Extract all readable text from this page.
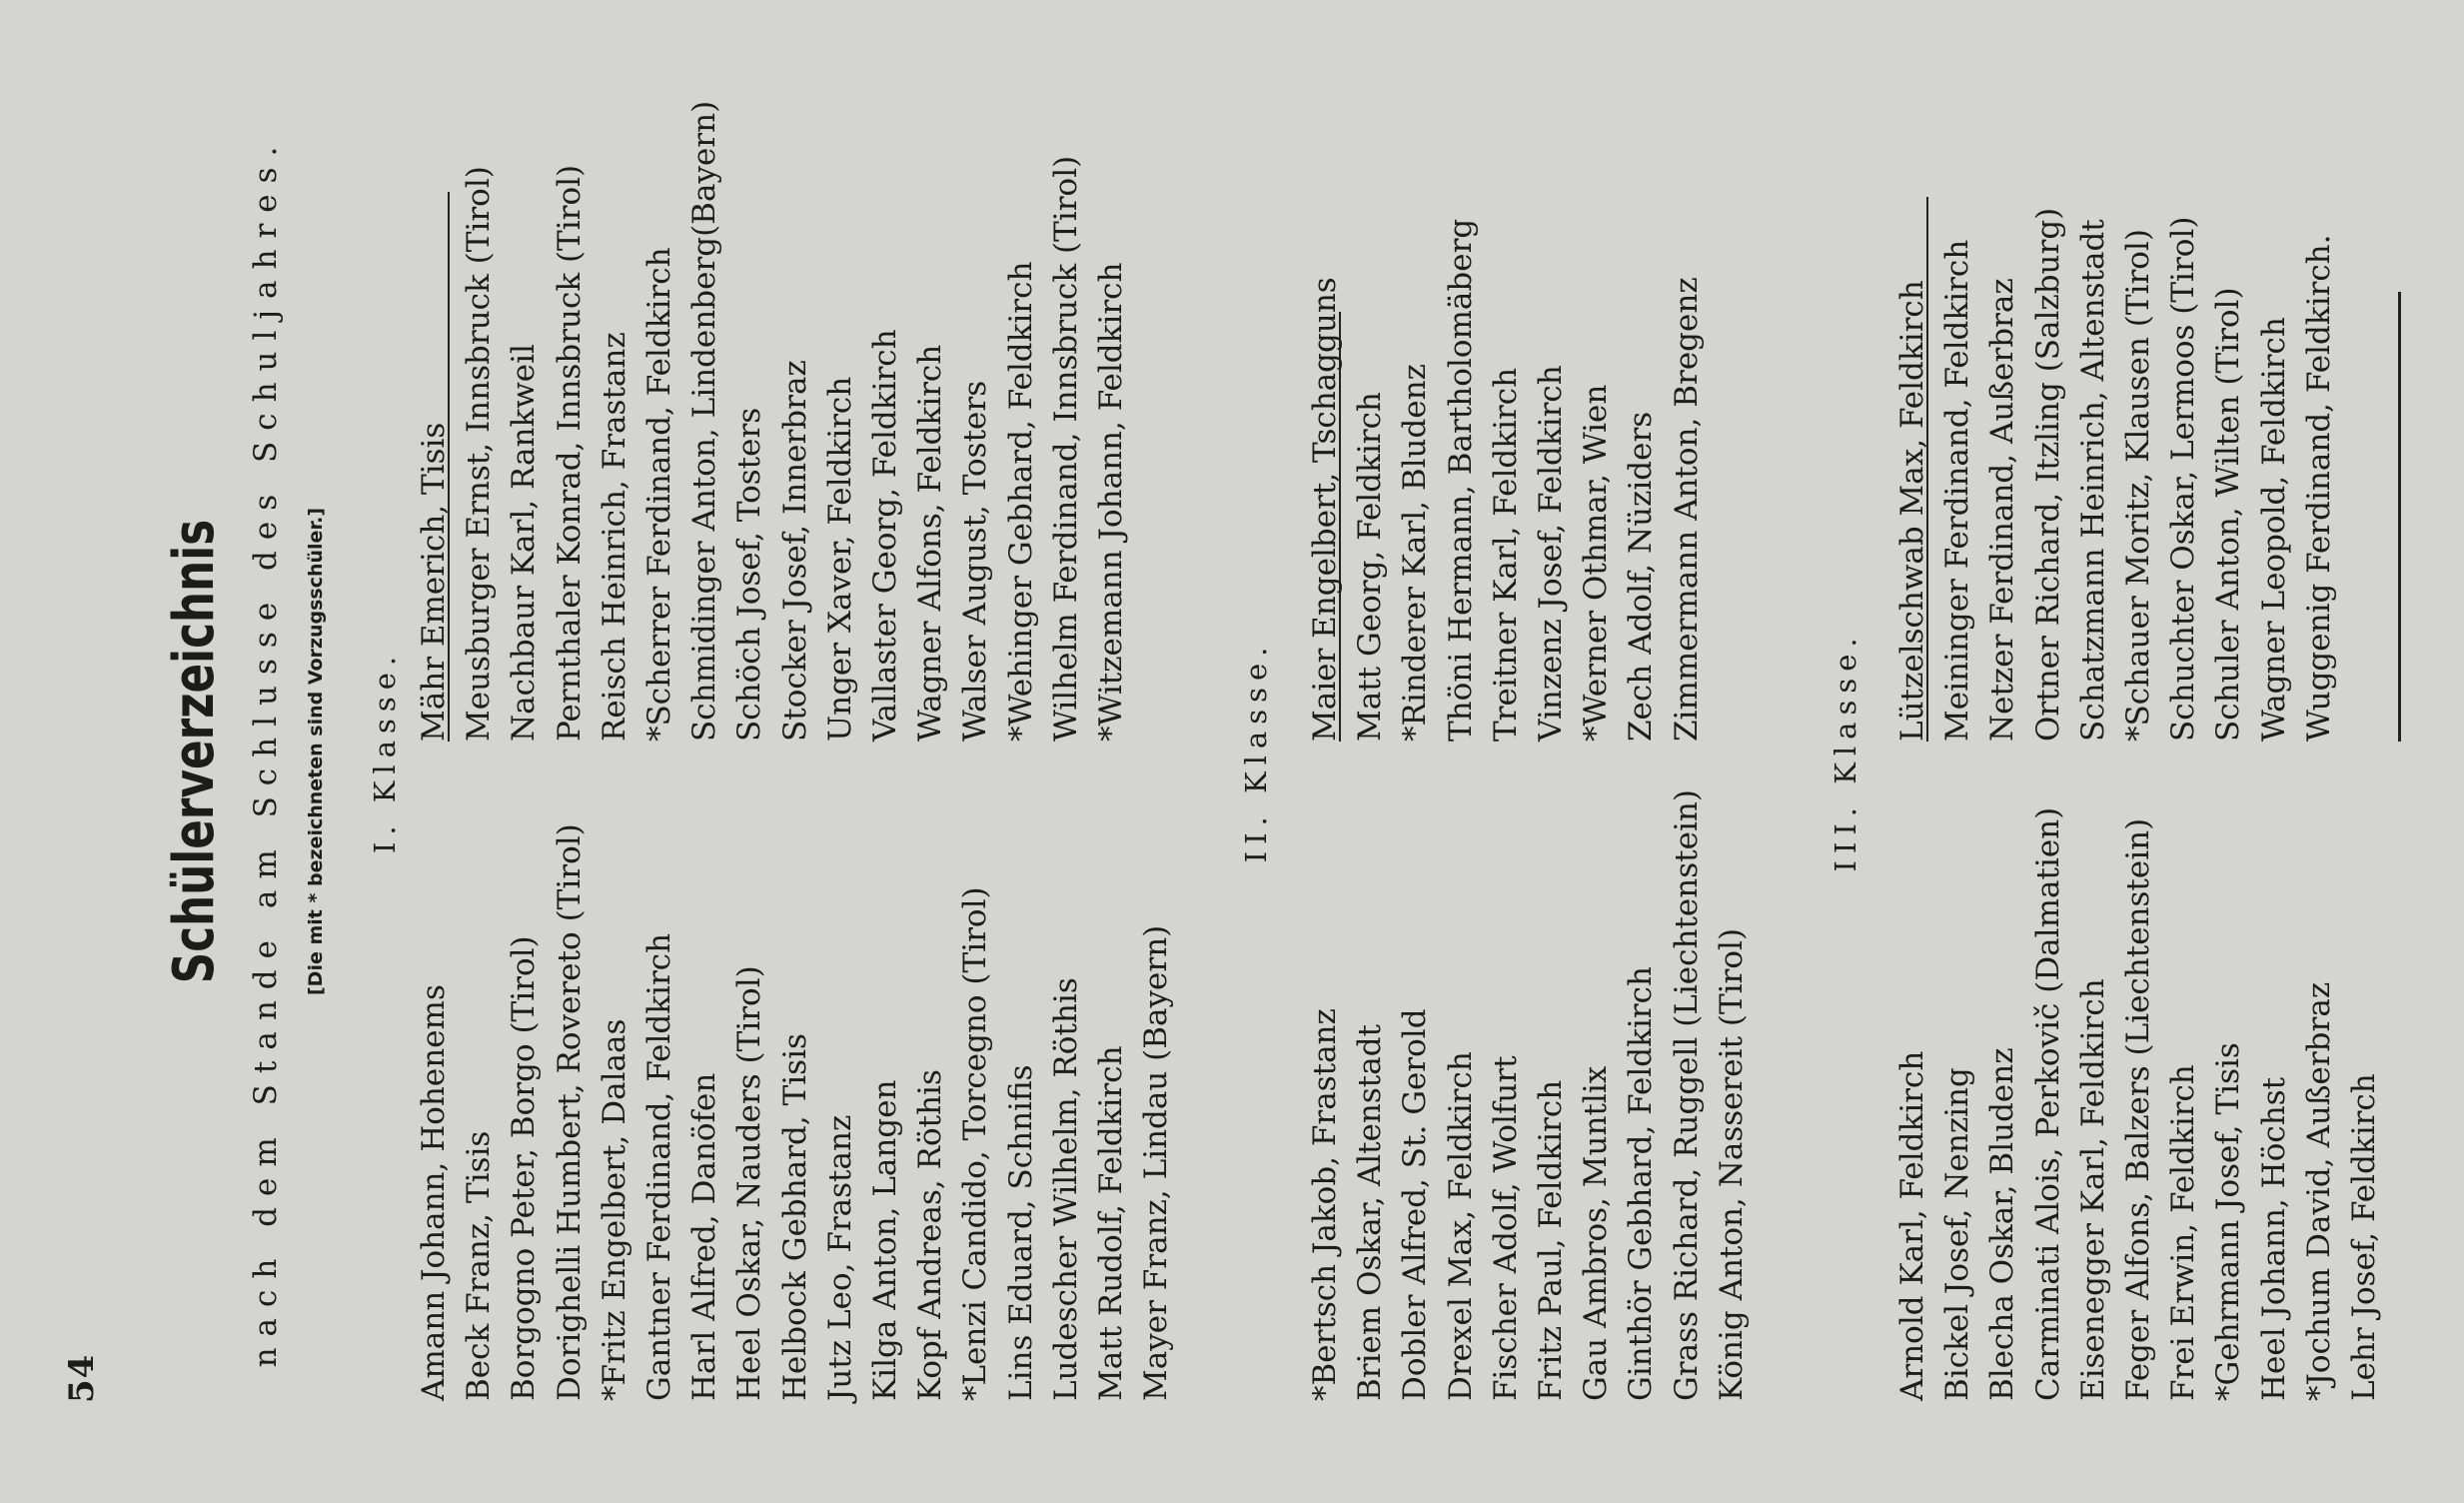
54
Schülerverzeichnis nach dem Stande am Schlusse des Schuljahres. [Die mit * bezeichneten sind Vorzugsschüler.] I. Klasse.
Amann Johann, Hohenems Beck Franz, Tisis Borgogno Peter, Borgo (Tirol) Dorighelli Humbert, Rovereto (Tirol) *Fritz Engelbert, Dalaas Gantner Ferdinand, Feldkirch Harl Alfred, Danöfen Heel Oskar, Nauders (Tirol) Helbock Gebhard, Tisis Jutz Leo, Frastanz Kilga Anton, Langen Kopf Andreas, Röthis *Lenzi Candido, Torcegno (Tirol) Lins Eduard, Schnifis Ludescher Wilhelm, Röthis Matt Rudolf, Feldkirch Mayer Franz, Lindau (Bayern)
Mähr Emerich, Tisis Meusburger Ernst, Innsbruck (Tirol) Nachbaur Karl, Rankweil Pernthaler Konrad, Innsbruck (Tirol) Reisch Heinrich, Frastanz *Scherrer Ferdinand, Feldkirch Schmidinger Anton, Lindenberg(Bayern) Schöch Josef, Tosters Stocker Josef, Innerbraz Unger Xaver, Feldkirch Vallaster Georg, Feldkirch Wagner Alfons, Feldkirch Walser August, Tosters *Wehinger Gebhard, Feldkirch Wilhelm Ferdinand, Innsbruck (Tirol) *Witzemann Johann, Feldkirch
II. Klasse.
*Bertsch Jakob, Frastanz Briem Oskar, Altenstadt Dobler Alfred, St. Gerold Drexel Max, Feldkirch Fischer Adolf, Wolfurt Fritz Paul, Feldkirch Gau Ambros, Muntlix Ginthör Gebhard, Feldkirch Grass Richard, Ruggell (Liechtenstein) König Anton, Nassereit (Tirol)
Maier Engelbert, Tschagguns Matt Georg, Feldkirch *Rinderer Karl, Bludenz Thöni Hermann, Bartholomäberg Treitner Karl, Feldkirch Vinzenz Josef, Feldkirch *Werner Othmar, Wien Zech Adolf, Nüziders Zimmermann Anton, Bregenz
III. Klasse.
Arnold Karl, Feldkirch Bickel Josef, Nenzing Blecha Oskar, Bludenz Carminati Alois, Perkovič (Dalmatien) Eisenegger Karl, Feldkirch Feger Alfons, Balzers (Liechtenstein) Frei Erwin, Feldkirch *Gehrmann Josef, Tisis Heel Johann, Höchst *Jochum David, Außerbraz Lehr Josef, Feldkirch
Lützelschwab Max, Feldkirch Meininger Ferdinand, Feldkirch Netzer Ferdinand, Außerbraz Ortner Richard, Itzling (Salzburg) Schatzmann Heinrich, Altenstadt *Schauer Moritz, Klausen (Tirol) Schuchter Oskar, Lermoos (Tirol) Schuler Anton, Wilten (Tirol) Wagner Leopold, Feldkirch Wuggenig Ferdinand, Feldkirch.
